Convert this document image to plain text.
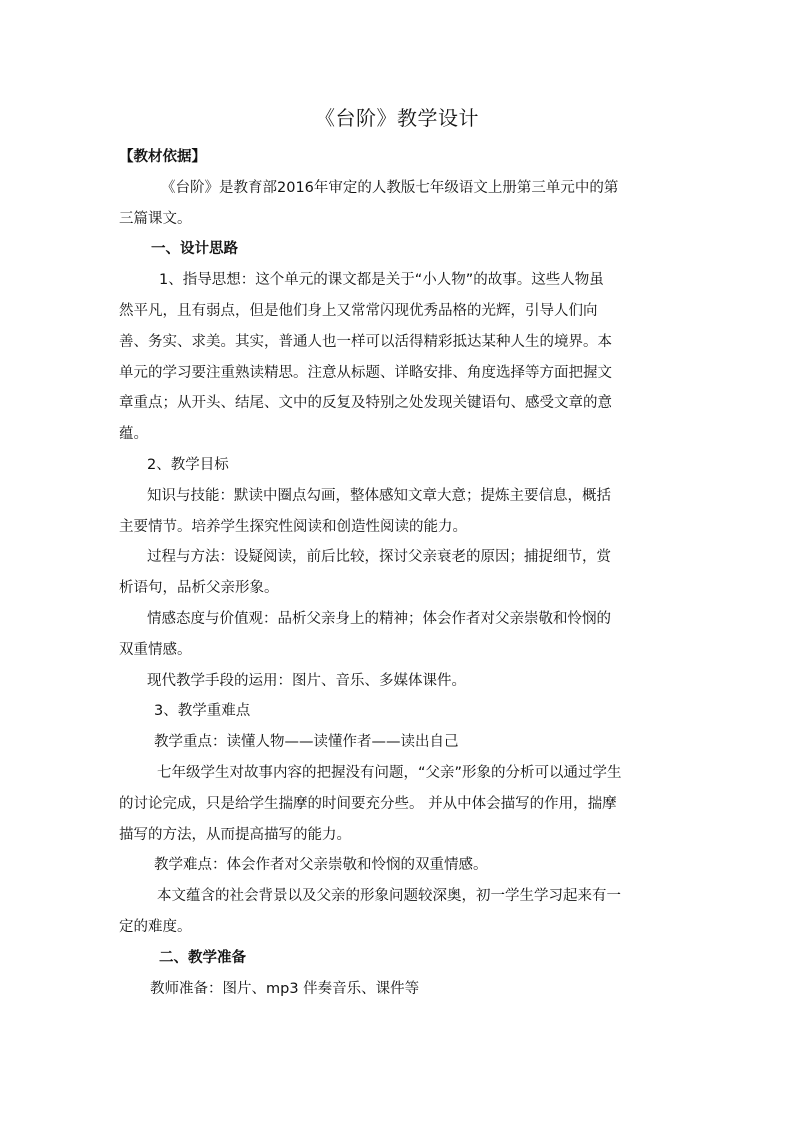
《台阶》教学设计
【教材依据】
《台阶》是教育部2016年审定的人教版七年级语文上册第三单元中的第
三篇课文。
一、设计思路
1、指导思想：这个单元的课文都是关于“小人物”的故事。这些人物虽
然平凡，且有弱点，但是他们身上又常常闪现优秀品格的光辉，引导人们向
善、务实、求美。其实，普通人也一样可以活得精彩抵达某种人生的境界。本
单元的学习要注重熟读精思。注意从标题、详略安排、角度选择等方面把握文
章重点；从开头、结尾、文中的反复及特别之处发现关键语句、感受文章的意
蕴。
2、教学目标
知识与技能：默读中圈点勾画，整体感知文章大意；提炼主要信息，概括
主要情节。培养学生探究性阅读和创造性阅读的能力。
过程与方法：设疑阅读，前后比较，探讨父亲衰老的原因；捕捉细节，赏
析语句，品析父亲形象。
情感态度与价值观：品析父亲身上的精神；体会作者对父亲崇敬和怜悯的
双重情感。
现代教学手段的运用：图片、音乐、多媒体课件。
3、教学重难点
教学重点：读懂人物——读懂作者——读出自己
七年级学生对故事内容的把握没有问题，“父亲”形象的分析可以通过学生
的讨论完成，只是给学生揣摩的时间要充分些。 并从中体会描写的作用，揣摩
描写的方法，从而提高描写的能力。
教学难点：体会作者对父亲崇敬和怜悯的双重情感。
本文蕴含的社会背景以及父亲的形象问题较深奥，初一学生学习起来有一
定的难度。
二、教学准备
教师准备：图片、mp3 伴奏音乐、课件等
